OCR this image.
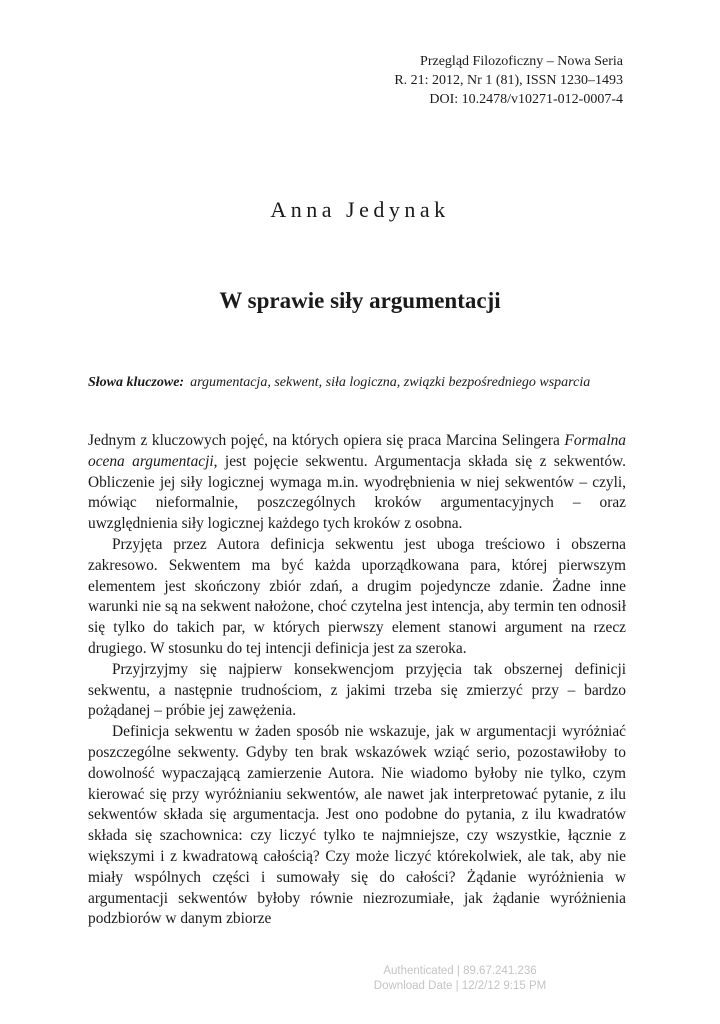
Przegląd Filozoficzny – Nowa Seria
R. 21: 2012, Nr 1 (81), ISSN 1230–1493
DOI: 10.2478/v10271-012-0007-4
Anna Jedynak
W sprawie siły argumentacji
Słowa kluczowe: argumentacja, sekwent, siła logiczna, związki bezpośredniego wsparcia

Jednym z kluczowych pojęć, na których opiera się praca Marcina Selingera Formalna ocena argumentacji, jest pojęcie sekwentu. Argumentacja składa się z sekwentów. Obliczenie jej siły logicznej wymaga m.in. wyodrębnienia w niej sekwentów – czyli, mówiąc nieformalnie, poszczególnych kroków argumentacyjnych – oraz uwzględnienia siły logicznej każdego tych kroków z osobna.

Przyjęta przez Autora definicja sekwentu jest uboga treściowo i obszerna zakresowo. Sekwentem ma być każda uporządkowana para, której pierwszym elementem jest skończony zbiór zdań, a drugim pojedyncze zdanie. Żadne inne warunki nie są na sekwent nałożone, choć czytelna jest intencja, aby termin ten odnosił się tylko do takich par, w których pierwszy element stanowi argument na rzecz drugiego. W stosunku do tej intencji definicja jest za szeroka.

Przyjrzyjmy się najpierw konsekwencjom przyjęcia tak obszernej definicji sekwentu, a następnie trudnościom, z jakimi trzeba się zmierzyć przy – bardzo pożądanej – próbie jej zawężenia.

Definicja sekwentu w żaden sposób nie wskazuje, jak w argumentacji wyróżniać poszczególne sekwenty. Gdyby ten brak wskazówek wziąć serio, pozostawiłoby to dowolność wypaczającą zamierzenie Autora. Nie wiadomo byłoby nie tylko, czym kierować się przy wyróżnianiu sekwentów, ale nawet jak interpretować pytanie, z ilu sekwentów składa się argumentacja. Jest ono podobne do pytania, z ilu kwadratów składa się szachownica: czy liczyć tylko te najmniejsze, czy wszystkie, łącznie z większymi i z kwadratową całością? Czy może liczyć którekolwiek, ale tak, aby nie miały wspólnych części i sumowały się do całości? Żądanie wyróżnienia w argumentacji sekwentów byłoby równie niezrozumiałe, jak żądanie wyróżnienia podzbiorów w danym zbiorze

Authenticated | 89.67.241.236
Download Date | 12/2/12 9:15 PM
